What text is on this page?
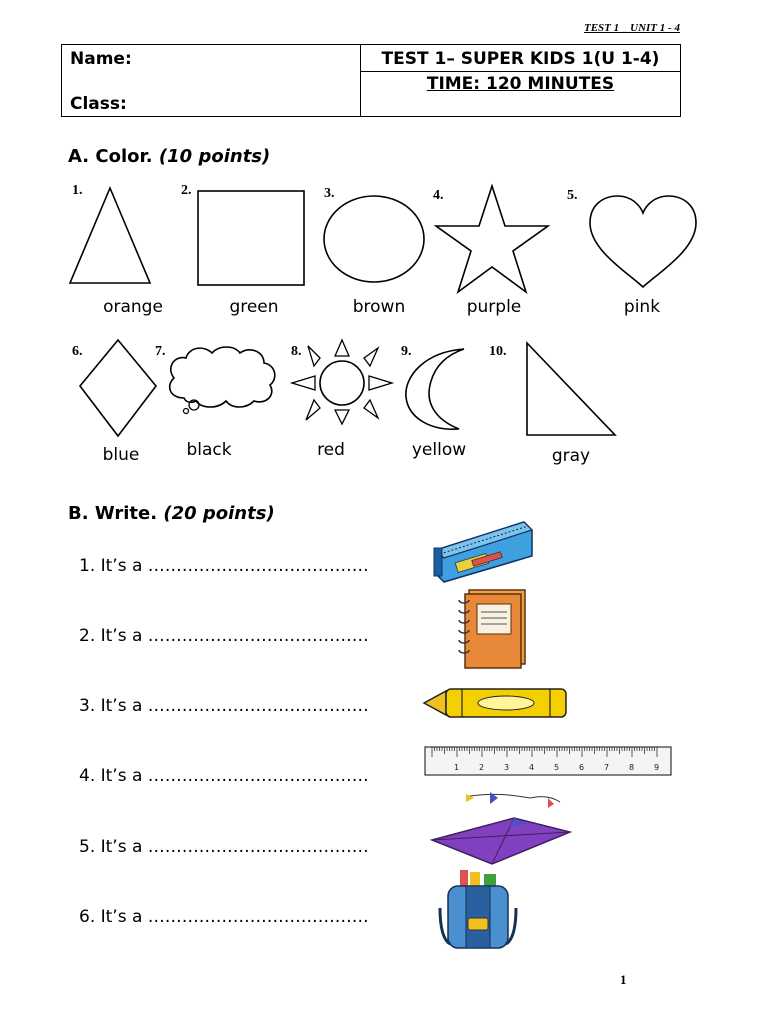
TEST 1 _ UNIT 1 - 4
Name:
Class:

TEST 1– SUPER KIDS 1(U 1-4)
TIME: 120 MINUTES
A. Color. (10 points)
1.
orange
2.
green
3.
brown
4.
purple
5.
pink
6.
blue
7.
black
8.
red
9.
yellow
10.
gray
B. Write. (20 points)
1. It’s a …………………………………
2. It’s a …………………………………
3. It’s a …………………………………
4. It’s a …………………………………
5. It’s a …………………………………
6. It’s a …………………………………
1 2 3 4 5 6 7 8 9
1
